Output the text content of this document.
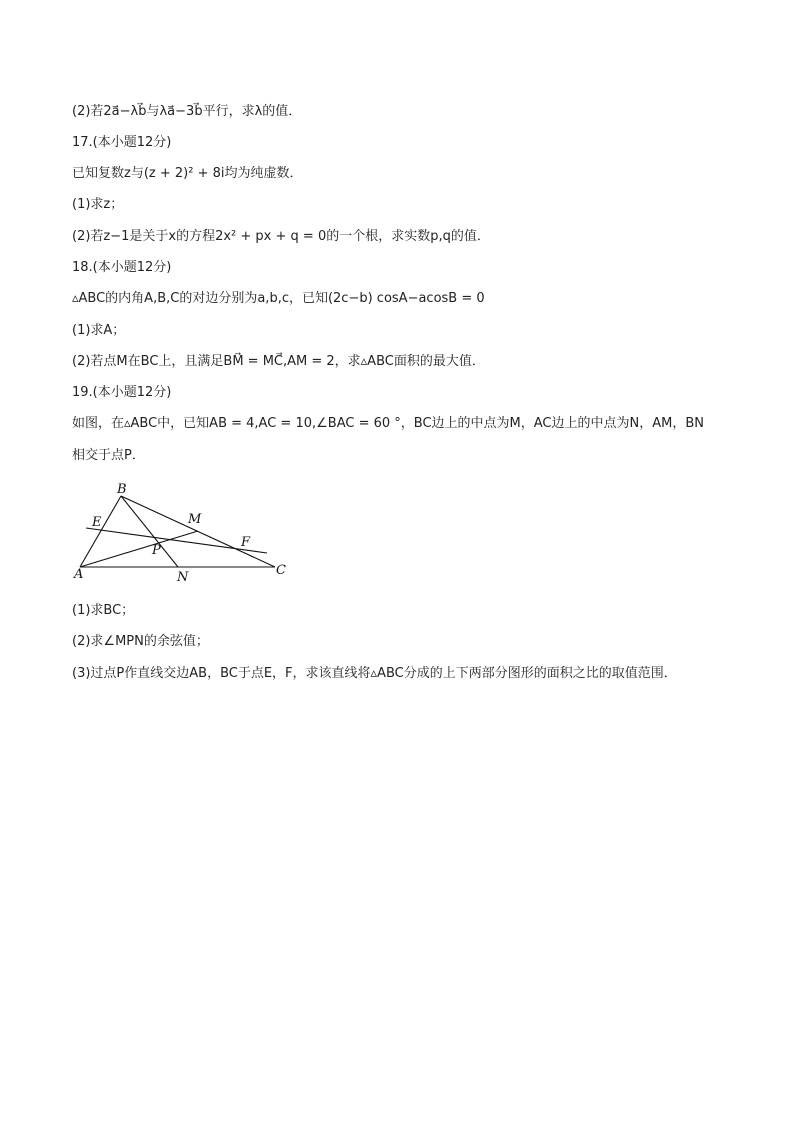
(2)若2a⃗−λb⃗与λa⃗−3b⃗平行，求λ的值．
17.(本小题12分)
已知复数z与(z + 2)² + 8i均为纯虚数．
(1)求z；
(2)若z−1是关于x的方程2x² + px + q = 0的一个根，求实数p,q的值．
18.(本小题12分)
▵ABC的内角A,B,C的对边分别为a,b,c，已知(2c−b) cosA−acosB = 0
(1)求A；
(2)若点M在BC上，且满足BM⃗ = MC⃗,AM = 2，求▵ABC面积的最大值．
19.(本小题12分)
如图，在▵ABC中，已知AB = 4,AC = 10,∠BAC = 60 °，BC边上的中点为M，AC边上的中点为N，AM，BN
相交于点P．
B
E	M
P
F
A	N	C
(1)求BC；
(2)求∠MPN的余弦值；
(3)过点P作直线交边AB，BC于点E，F，求该直线将▵ABC分成的上下两部分图形的面积之比的取值范围．
